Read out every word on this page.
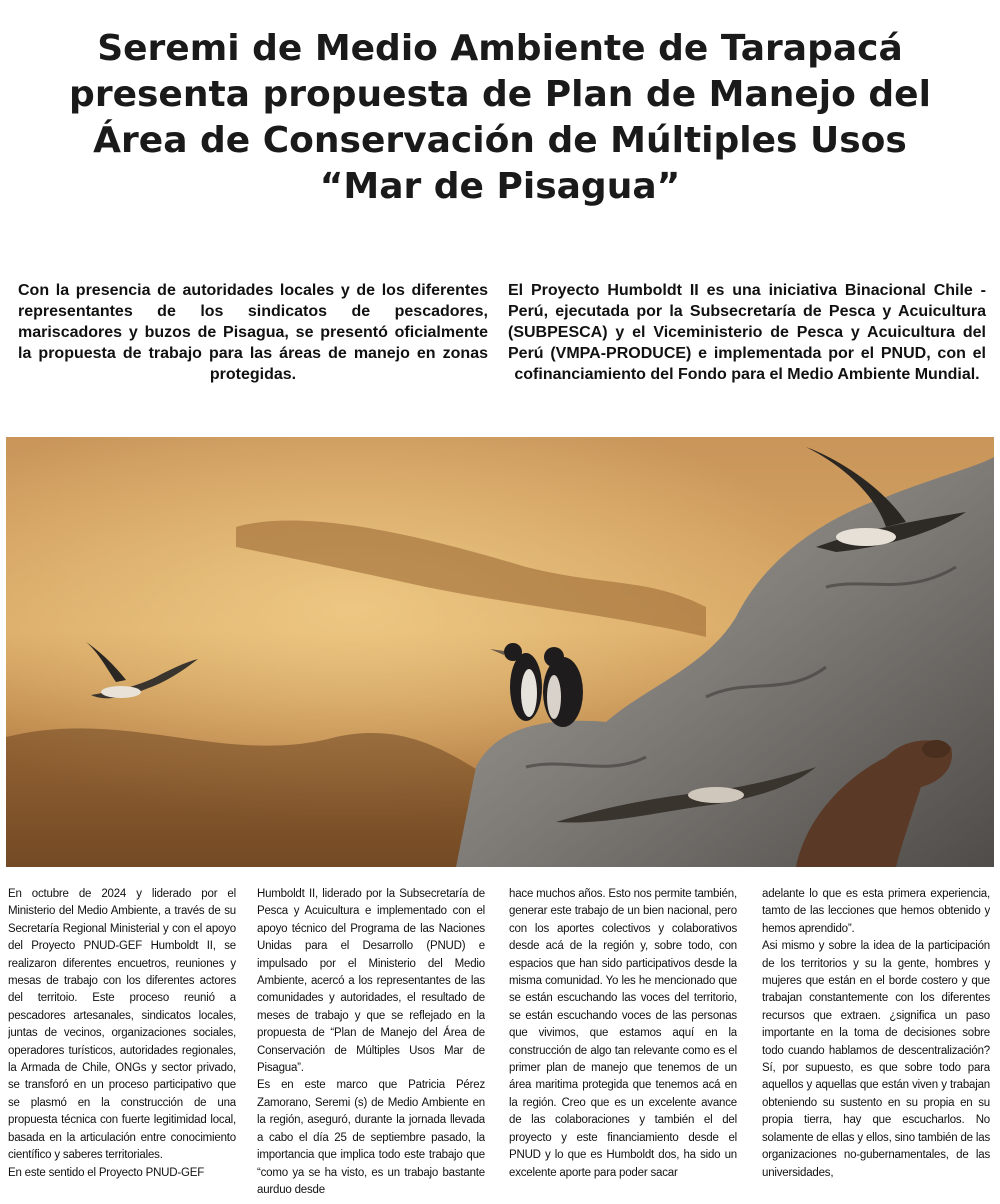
Seremi de Medio Ambiente de Tarapacá
presenta propuesta de Plan de Manejo del
Área de Conservación de Múltiples Usos
“Mar de Pisagua”
Con la presencia de autoridades locales y de los diferentes representantes de los sindicatos de pescadores, mariscadores y buzos de Pisagua, se presentó oficialmente la propuesta de trabajo para las áreas de manejo en zonas protegidas.
El Proyecto Humboldt II es una iniciativa Binacional Chile - Perú, ejecutada por la Subsecretaría de Pesca y Acuicultura (SUBPESCA) y el Viceministerio de Pesca y Acuicultura del Perú (VMPA-PRODUCE) e implementada por el PNUD, con el cofinanciamiento del Fondo para el Medio Ambiente Mundial.

En octubre de 2024 y liderado por el Ministerio del Medio Ambiente, a través de su Secretaría Regional Ministerial y con el apoyo del Proyecto PNUD-GEF Humboldt II, se realizaron diferentes encuetros, reuniones y mesas de trabajo con los diferentes actores del territoio. Este proceso reunió a pescadores artesanales, sindicatos locales, juntas de vecinos, organizaciones sociales, operadores turísticos, autoridades regionales, la Armada de Chile, ONGs y sector privado, se transforó en un proceso participativo que se plasmó en la construcción de una propuesta técnica con fuerte legitimidad local, basada en la articulación entre conocimiento científico y saberes territoriales.

En este sentido el Proyecto PNUD-GEF

Humboldt II, liderado por la Subsecretaría de Pesca y Acuicultura e implementado con el apoyo técnico del Programa de las Naciones Unidas para el Desarrollo (PNUD) e impulsado por el Ministerio del Medio Ambiente, acercó a los representantes de las comunidades y autoridades, el resultado de meses de trabajo y que se reflejado en la propuesta de “Plan de Manejo del Área de Conservación de Múltiples Usos Mar de Pisagua”.

Es en este marco que Patricia Pérez Zamorano, Seremi (s) de Medio Ambiente en la región, aseguró, durante la jornada llevada a cabo el día 25 de septiembre pasado, la importancia que implica todo este trabajo que “como ya se ha visto, es un trabajo bastante aurduo desde

hace muchos años. Esto nos permite también, generar este trabajo de un bien nacional, pero con los aportes colectivos y colaborativos desde acá de la región y, sobre todo, con espacios que han sido participativos desde la misma comunidad. Yo les he mencionado que se están escuchando las voces del territorio, se están escuchando voces de las personas que vivimos, que estamos aquí en la construcción de algo tan relevante como es el primer plan de manejo que tenemos de un área maritima protegida que tenemos acá en la región. Creo que es un excelente avance de las colaboraciones y también el del proyecto y este financiamiento desde el PNUD y lo que es Humboldt dos, ha sido un excelente aporte para poder sacar

adelante lo que es esta primera experiencia, tamto de las lecciones que hemos obtenido y hemos aprendido”.

Asi mismo y sobre la idea de la participación de los territorios y su la gente, hombres y mujeres que están en el borde costero y que trabajan constantemente con los diferentes recursos que extraen. ¿significa un paso importante en la toma de decisiones sobre todo cuando hablamos de descentralización? Sí, por supuesto, es que sobre todo para aquellos y aquellas que están viven y trabajan obteniendo su sustento en su propia en su propia tierra, hay que escucharlos. No solamente de ellas y ellos, sino también de las organizaciones no-gubernamentales, de las universidades,
